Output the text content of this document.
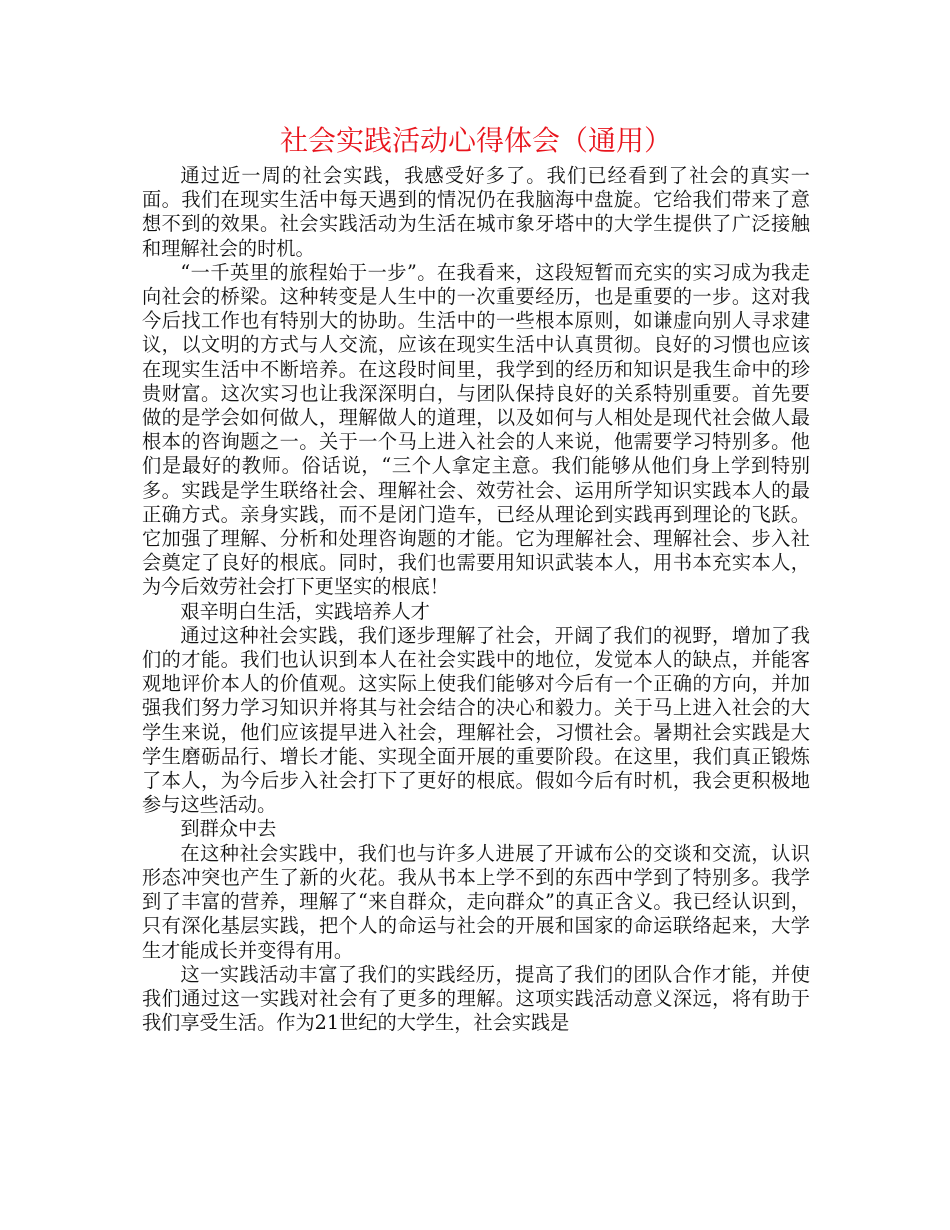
社会实践活动心得体会（通用）

通过近一周的社会实践，我感受好多了。我们已经看到了社会的真实一面。我们在现实生活中每天遇到的情况仍在我脑海中盘旋。它给我们带来了意想不到的效果。社会实践活动为生活在城市象牙塔中的大学生提供了广泛接触和理解社会的时机。

“一千英里的旅程始于一步”。在我看来，这段短暂而充实的实习成为我走向社会的桥梁。这种转变是人生中的一次重要经历，也是重要的一步。这对我今后找工作也有特别大的协助。生活中的一些根本原则，如谦虚向别人寻求建议，以文明的方式与人交流，应该在现实生活中认真贯彻。良好的习惯也应该在现实生活中不断培养。在这段时间里，我学到的经历和知识是我生命中的珍贵财富。这次实习也让我深深明白，与团队保持良好的关系特别重要。首先要做的是学会如何做人，理解做人的道理，以及如何与人相处是现代社会做人最根本的咨询题之一。关于一个马上进入社会的人来说，他需要学习特别多。他们是最好的教师。俗话说，“三个人拿定主意。我们能够从他们身上学到特别多。实践是学生联络社会、理解社会、效劳社会、运用所学知识实践本人的最正确方式。亲身实践，而不是闭门造车，已经从理论到实践再到理论的飞跃。它加强了理解、分析和处理咨询题的才能。它为理解社会、理解社会、步入社会奠定了良好的根底。同时，我们也需要用知识武装本人，用书本充实本人，为今后效劳社会打下更坚实的根底！

艰辛明白生活，实践培养人才

通过这种社会实践，我们逐步理解了社会，开阔了我们的视野，增加了我们的才能。我们也认识到本人在社会实践中的地位，发觉本人的缺点，并能客观地评价本人的价值观。这实际上使我们能够对今后有一个正确的方向，并加强我们努力学习知识并将其与社会结合的决心和毅力。关于马上进入社会的大学生来说，他们应该提早进入社会，理解社会，习惯社会。暑期社会实践是大学生磨砺品行、增长才能、实现全面开展的重要阶段。在这里，我们真正锻炼了本人，为今后步入社会打下了更好的根底。假如今后有时机，我会更积极地参与这些活动。

到群众中去

在这种社会实践中，我们也与许多人进展了开诚布公的交谈和交流，认识形态冲突也产生了新的火花。我从书本上学不到的东西中学到了特别多。我学到了丰富的营养，理解了“来自群众，走向群众”的真正含义。我已经认识到，只有深化基层实践，把个人的命运与社会的开展和国家的命运联络起来，大学生才能成长并变得有用。

这一实践活动丰富了我们的实践经历，提高了我们的团队合作才能，并使我们通过这一实践对社会有了更多的理解。这项实践活动意义深远，将有助于我们享受生活。作为21世纪的大学生，社会实践是
